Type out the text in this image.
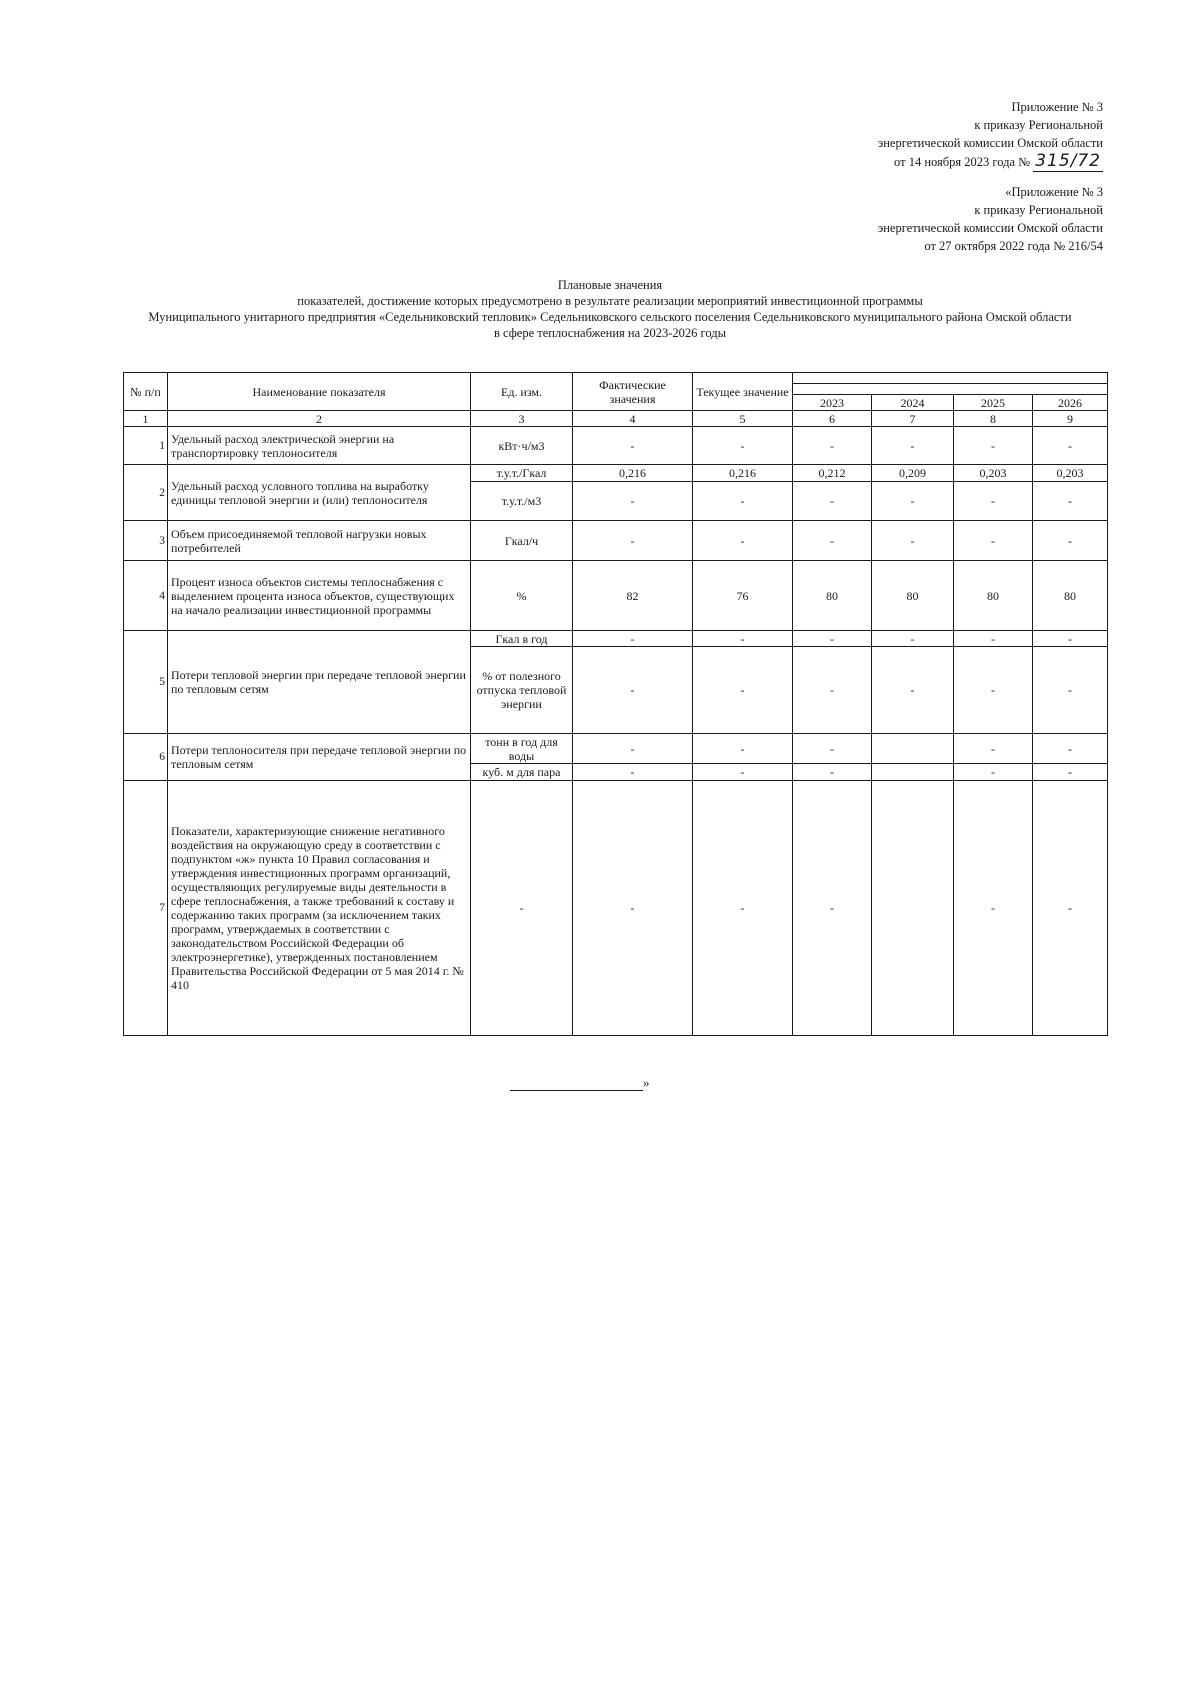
Приложение № 3
к приказу Региональной
энергетической комиссии Омской области
от 14 ноября 2023 года № 315/72
«Приложение № 3
к приказу Региональной
энергетической комиссии Омской области
от 27 октября 2022 года № 216/54
Плановые значения
показателей, достижение которых предусмотрено в результате реализации мероприятий инвестиционной программы
Муниципального унитарного предприятия «Седельниковский тепловик» Седельниковского сельского поселения Седельниковского муниципального района Омской области
в сфере теплоснабжения на 2023-2026 годы
№ п/п	Наименование показателя	Ед. изм.	Фактические значения	Текущее значение				

					2023	2024	2025	2026
1	2	3	4	5	6	7	8	9
1	Удельный расход электрической энергии на транспортировку теплоносителя	кВт·ч/м3	-	-	-	-	-	-
2	Удельный расход условного топлива на выработку единицы тепловой энергии и (или) теплоносителя	т.у.т./Гкал	0,216	0,216	0,212	0,209	0,203	0,203
		т.у.т./м3	-	-	-	-	-	-
3	Объем присоединяемой тепловой нагрузки новых потребителей	Гкал/ч	-	-	-	-	-	-
4	Процент износа объектов системы теплоснабжения с выделением процента износа объектов, существующих на начало реализации инвестиционной программы	%	82	76	80	80	80	80
5	Потери тепловой энергии при передаче тепловой энергии по тепловым сетям	Гкал в год	-	-	-	-	-	-
		% от полезного отпуска тепловой энергии	-	-	-	-	-	-
6	Потери теплоносителя при передаче тепловой энергии по тепловым сетям	тонн в год для воды	-	-	-		-	-
		куб. м для пара	-	-	-		-	-
7	Показатели, характеризующие снижение негативного воздействия на окружающую среду в соответствии с подпунктом «ж» пункта 10 Правил согласования и утверждения инвестиционных программ организаций, осуществляющих регулируемые виды деятельности в сфере теплоснабжения, а также требований к составу и содержанию таких программ (за исключением таких программ, утверждаемых в соответствии с законодательством Российской Федерации об электроэнергетике), утвержденных постановлением Правительства Российской Федерации от 5 мая 2014 г. № 410	-	-	-	-		-	-
»
